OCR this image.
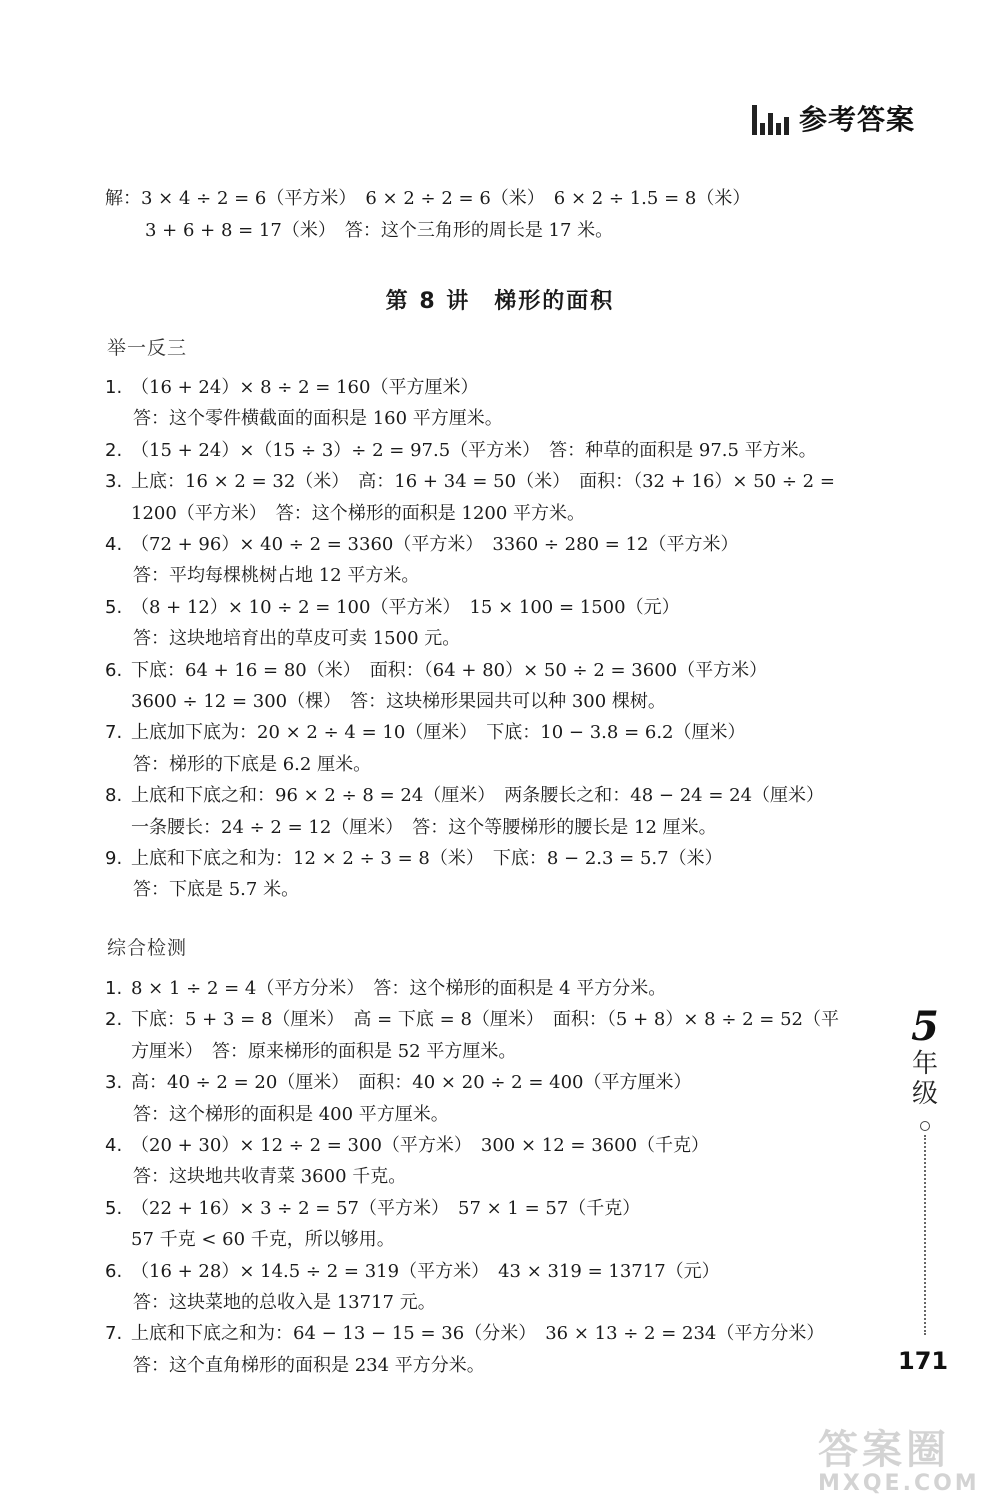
参考答案
解：3 × 4 ÷ 2 = 6（平方米）　6 × 2 ÷ 2 = 6（米）　6 × 2 ÷ 1.5 = 8（米）
3 + 6 + 8 = 17（米）　答：这个三角形的周长是 17 米。
第 8 讲　梯形的面积
举一反三
1. （16 + 24）× 8 ÷ 2 = 160（平方厘米）
答：这个零件横截面的面积是 160 平方厘米。
2. （15 + 24）×（15 ÷ 3）÷ 2 = 97.5（平方米）　答：种草的面积是 97.5 平方米。
3. 上底：16 × 2 = 32（米）　高：16 + 34 = 50（米）　面积：（32 + 16）× 50 ÷ 2 =
1200（平方米）　答：这个梯形的面积是 1200 平方米。
4. （72 + 96）× 40 ÷ 2 = 3360（平方米）　3360 ÷ 280 = 12（平方米）
答：平均每棵桃树占地 12 平方米。
5. （8 + 12）× 10 ÷ 2 = 100（平方米）　15 × 100 = 1500（元）
答：这块地培育出的草皮可卖 1500 元。
6. 下底：64 + 16 = 80（米）　面积：（64 + 80）× 50 ÷ 2 = 3600（平方米）
3600 ÷ 12 = 300（棵）　答：这块梯形果园共可以种 300 棵树。
7. 上底加下底为：20 × 2 ÷ 4 = 10（厘米）　下底：10 − 3.8 = 6.2（厘米）
答：梯形的下底是 6.2 厘米。
8. 上底和下底之和：96 × 2 ÷ 8 = 24（厘米）　两条腰长之和：48 − 24 = 24（厘米）
一条腰长：24 ÷ 2 = 12（厘米）　答：这个等腰梯形的腰长是 12 厘米。
9. 上底和下底之和为：12 × 2 ÷ 3 = 8（米）　下底：8 − 2.3 = 5.7（米）
答：下底是 5.7 米。
综合检测
1. 8 × 1 ÷ 2 = 4（平方分米）　答：这个梯形的面积是 4 平方分米。
2. 下底：5 + 3 = 8（厘米）　高 = 下底 = 8（厘米）　面积：（5 + 8）× 8 ÷ 2 = 52（平
方厘米）　答：原来梯形的面积是 52 平方厘米。
3. 高：40 ÷ 2 = 20（厘米）　面积：40 × 20 ÷ 2 = 400（平方厘米）
答：这个梯形的面积是 400 平方厘米。
4. （20 + 30）× 12 ÷ 2 = 300（平方米）　300 × 12 = 3600（千克）
答：这块地共收青菜 3600 千克。
5. （22 + 16）× 3 ÷ 2 = 57（平方米）　57 × 1 = 57（千克）
57 千克 < 60 千克，所以够用。
6. （16 + 28）× 14.5 ÷ 2 = 319（平方米）　43 × 319 = 13717（元）
答：这块菜地的总收入是 13717 元。
7. 上底和下底之和为：64 − 13 − 15 = 36（分米）　36 × 13 ÷ 2 = 234（平方分米）
答：这个直角梯形的面积是 234 平方分米。
5
年
级
171
答案圈
MXQE.COM
